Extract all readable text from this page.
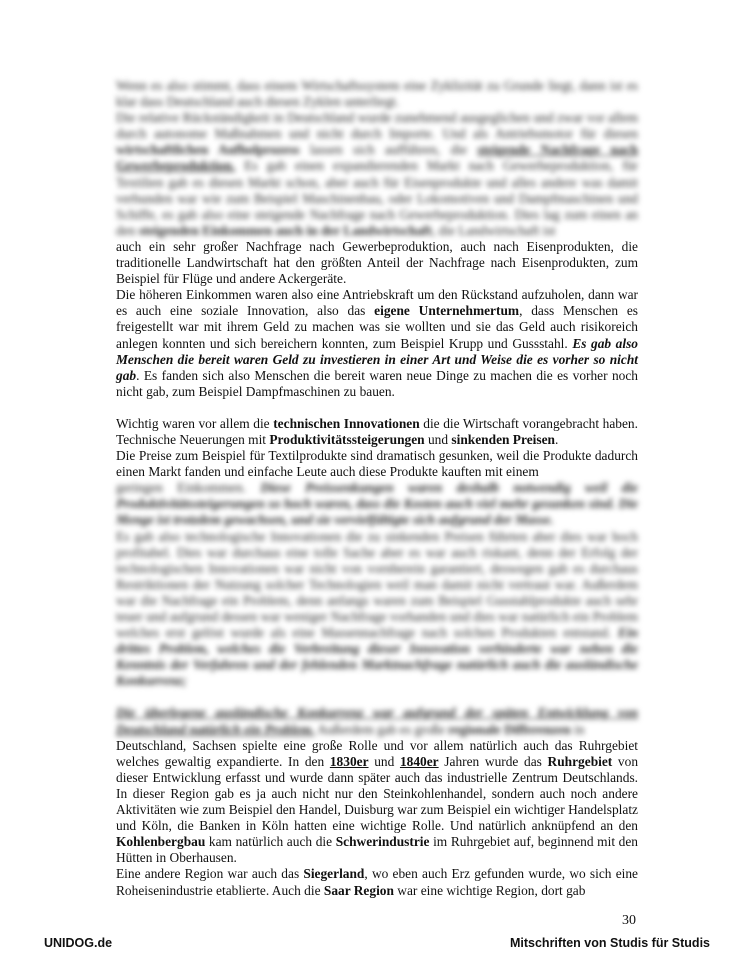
Wenn es also stimmt, dass einem Wirtschaftssystem eine Zyklizität zu Grunde liegt, dann ist es klar dass Deutschland auch diesen Zyklen unterliegt.

Die relative Rückständigkeit in Deutschland wurde zunehmend ausgeglichen und zwar vor allem durch autonome Maßnahmen und nicht durch Importe. Und als Antriebsmotor für diesen wirtschaftlichen Aufholprozess lassen sich aufführen, die steigende Nachfrage nach Gewerbeproduktion. Es gab einen expandierenden Markt nach Gewerbeproduktion, für Textilien gab es diesen Markt schon, aber auch für Eisenprodukte und alles andere was damit verbunden war wie zum Beispiel Maschinenbau, oder Lokomotiven und Dampfmaschinen und Schiffe, es gab also eine steigende Nachfrage nach Gewerbeproduktion. Dies lag zum einen an den steigenden Einkommen auch in der Landwirtschaft, die Landwirtschaft ist

auch ein sehr großer Nachfrage nach Gewerbeproduktion, auch nach Eisenprodukten, die traditionelle Landwirtschaft hat den größten Anteil der Nachfrage nach Eisenprodukten, zum Beispiel für Flüge und andere Ackergeräte.

Die höheren Einkommen waren also eine Antriebskraft um den Rückstand aufzuholen, dann war es auch eine soziale Innovation, also das eigene Unternehmertum, dass Menschen es freigestellt war mit ihrem Geld zu machen was sie wollten und sie das Geld auch risikoreich anlegen konnten und sich bereichern konnten, zum Beispiel Krupp und Gussstahl. Es gab also Menschen die bereit waren Geld zu investieren in einer Art und Weise die es vorher so nicht gab. Es fanden sich also Menschen die bereit waren neue Dinge zu machen die es vorher noch nicht gab, zum Beispiel Dampfmaschinen zu bauen.

Wichtig waren vor allem die technischen Innovationen die die Wirtschaft vorangebracht haben. Technische Neuerungen mit Produktivitätssteigerungen und sinkenden Preisen.

Die Preise zum Beispiel für Textilprodukte sind dramatisch gesunken, weil die Produkte dadurch einen Markt fanden und einfache Leute auch diese Produkte kauften mit einem

geringen Einkommen. Diese Preissenkungen waren deshalb notwendig weil die Produktivitätssteigerungen so hoch waren, dass die Kosten auch viel mehr gesunken sind. Die Menge ist trotzdem gewachsen, und sie vervielfältigte sich aufgrund der Masse.

Es gab also technologische Innovationen die zu sinkenden Preisen führten aber dies war hoch profitabel. Dies war durchaus eine tolle Sache aber es war auch riskant, denn der Erfolg der technologischen Innovationen war nicht von vornherein garantiert, deswegen gab es durchaus Restriktionen der Nutzung solcher Technologien weil man damit nicht vertraut war. Außerdem war die Nachfrage ein Problem, denn anfangs waren zum Beispiel Gusstahlprodukte auch sehr teuer und aufgrund dessen war weniger Nachfrage vorhanden und dies war natürlich ein Problem welches erst gelöst wurde als eine Massennachfrage nach solchen Produkten entstand. Ein drittes Problem, welches die Verbreitung dieser Innovation verhinderte war neben die Kenntnis der Verfahren und der fehlenden Marktnachfrage natürlich auch die ausländische Konkurrenz;

Die überlegene ausländische Konkurrenz war aufgrund der späten Entwicklung von Deutschland natürlich ein Problem. Außerdem gab es große regionale Differenzen in

Deutschland, Sachsen spielte eine große Rolle und vor allem natürlich auch das Ruhrgebiet welches gewaltig expandierte. In den 1830er und 1840er Jahren wurde das Ruhrgebiet von dieser Entwicklung erfasst und wurde dann später auch das industrielle Zentrum Deutschlands. In dieser Region gab es ja auch nicht nur den Steinkohlenhandel, sondern auch noch andere Aktivitäten wie zum Beispiel den Handel, Duisburg war zum Beispiel ein wichtiger Handelsplatz und Köln, die Banken in Köln hatten eine wichtige Rolle. Und natürlich anknüpfend an den Kohlenbergbau kam natürlich auch die Schwerindustrie im Ruhrgebiet auf, beginnend mit den Hütten in Oberhausen.

Eine andere Region war auch das Siegerland, wo eben auch Erz gefunden wurde, wo sich eine Roheisenindustrie etablierte. Auch die Saar Region war eine wichtige Region, dort gab

30
UNIDOG.de	Mitschriften von Studis für Studis
